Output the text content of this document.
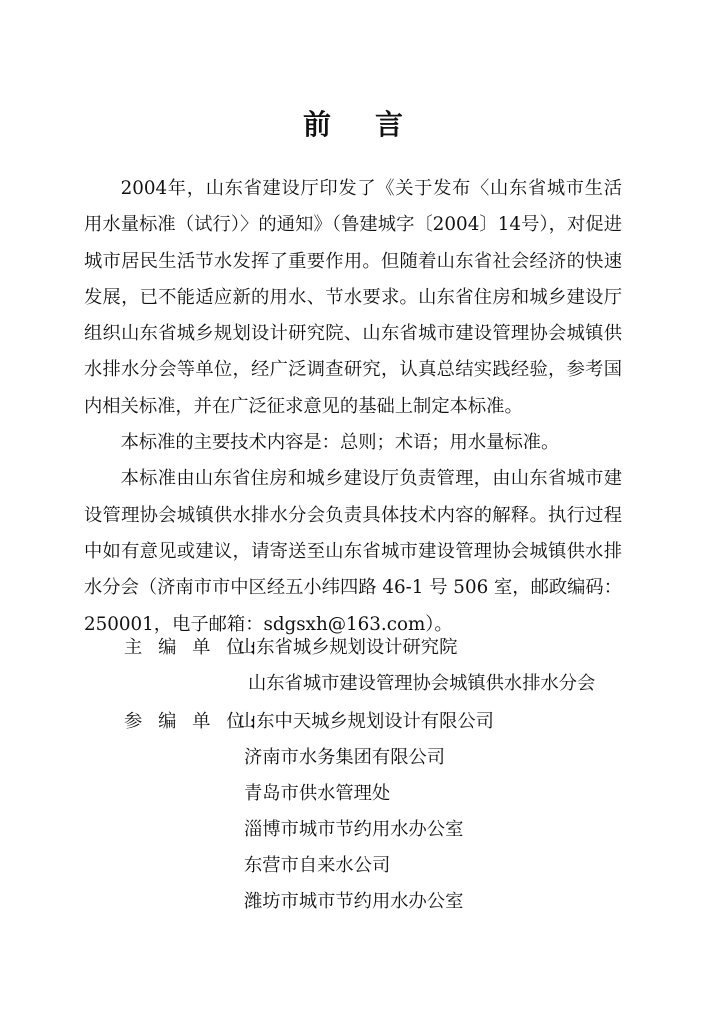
前 言

2004年，山东省建设厅印发了《关于发布〈山东省城市生活用水量标准（试行）〉的通知》（鲁建城字〔2004〕14号），对促进城市居民生活节水发挥了重要作用。但随着山东省社会经济的快速发展，已不能适应新的用水、节水要求。山东省住房和城乡建设厅组织山东省城乡规划设计研究院、山东省城市建设管理协会城镇供水排水分会等单位，经广泛调查研究，认真总结实践经验，参考国内相关标准，并在广泛征求意见的基础上制定本标准。

本标准的主要技术内容是：总则；术语；用水量标准。

本标准由山东省住房和城乡建设厅负责管理，由山东省城市建设管理协会城镇供水排水分会负责具体技术内容的解释。执行过程中如有意见或建议，请寄送至山东省城市建设管理协会城镇供水排水分会（济南市市中区经五小纬四路 46-1 号 506 室，邮政编码：250001，电子邮箱：sdgsxh@163.com）。

主 编 单 位:山东省城乡规划设计研究院
山东省城市建设管理协会城镇供水排水分会
参 编 单 位:山东中天城乡规划设计有限公司
济南市水务集团有限公司
青岛市供水管理处
淄博市城市节约用水办公室
东营市自来水公司
潍坊市城市节约用水办公室
